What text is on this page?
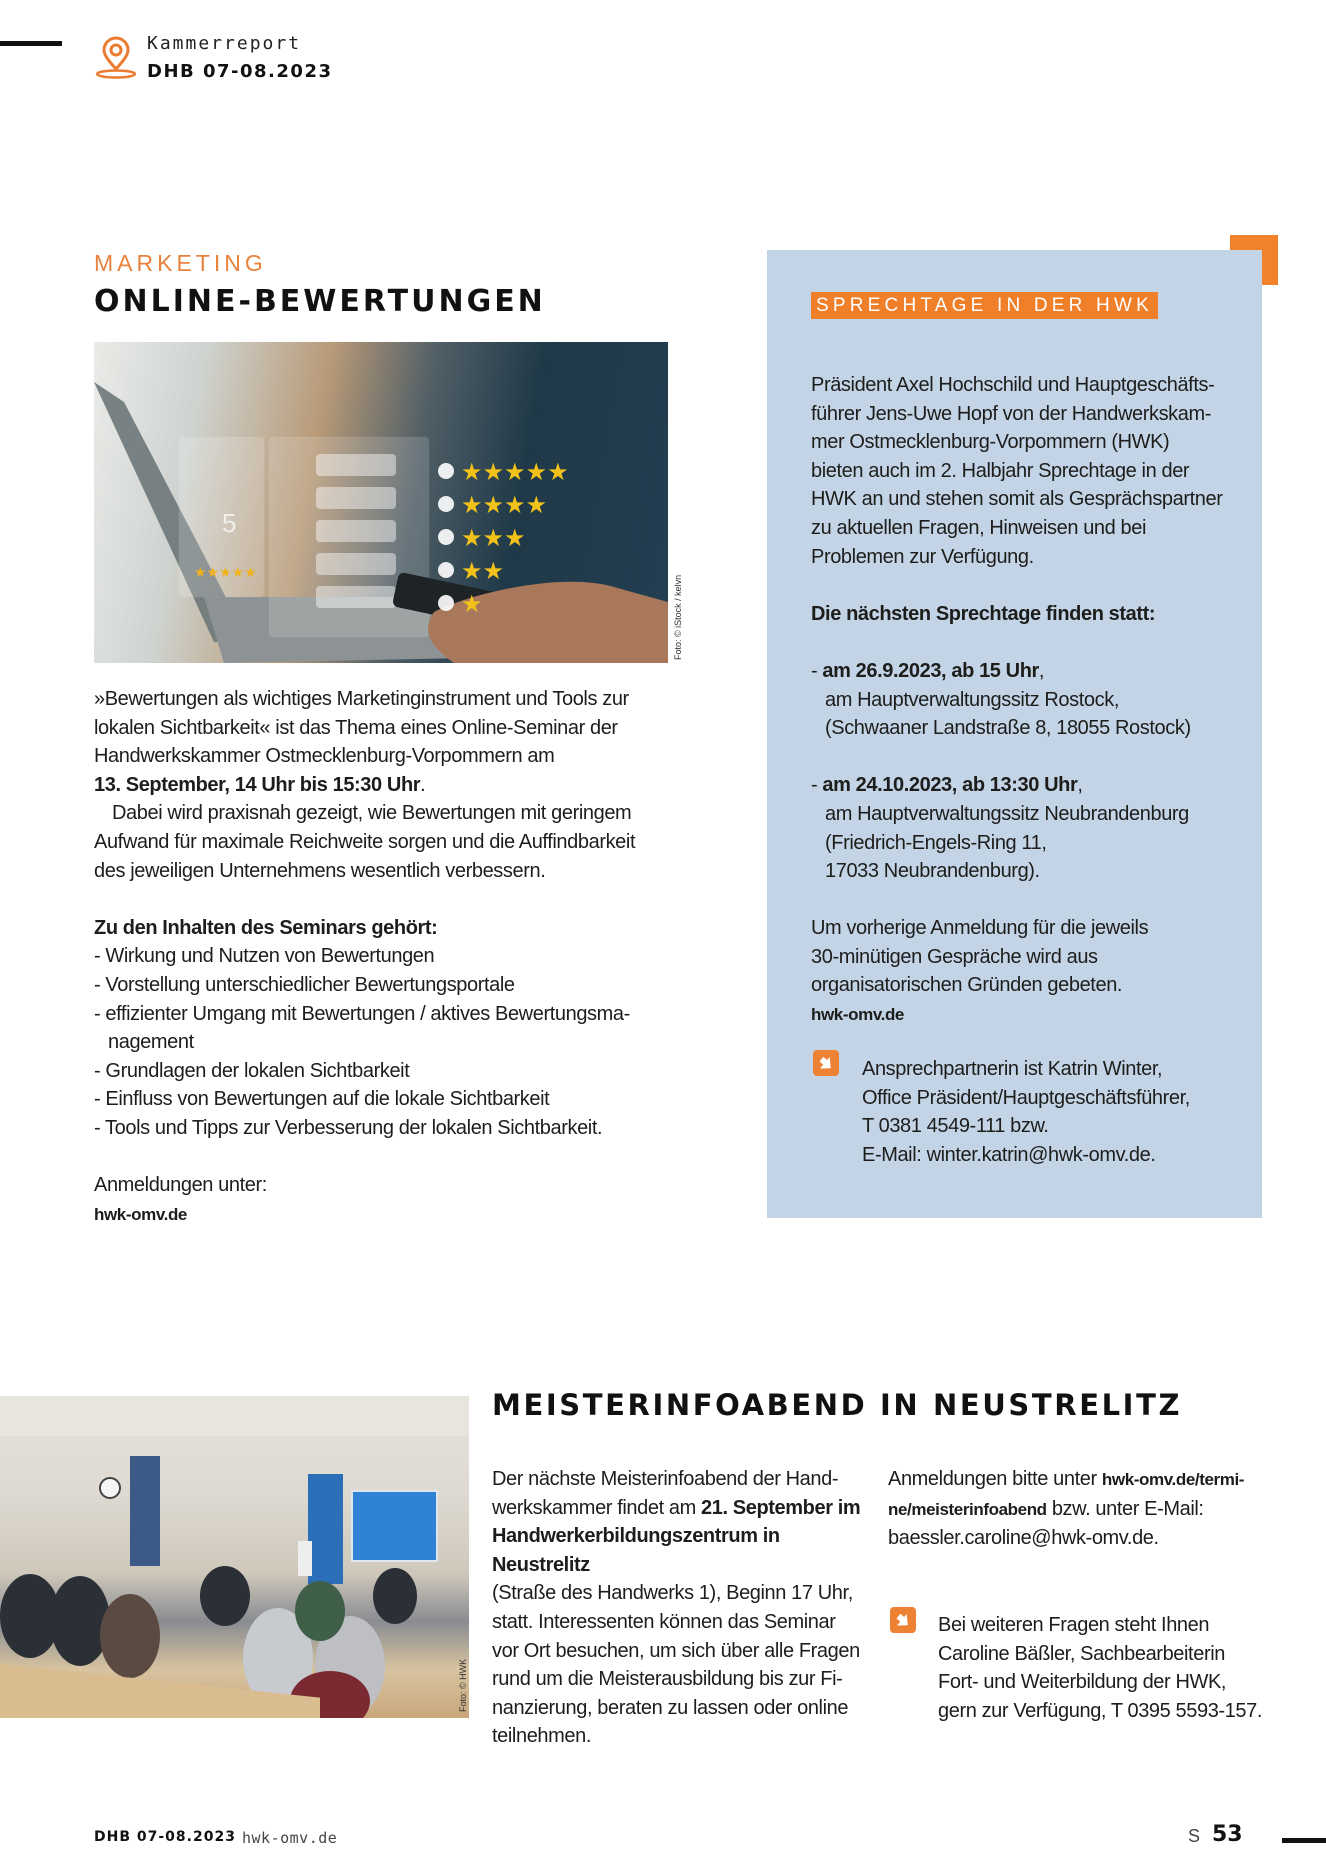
Kammerreport
DHB 07-08.2023
MARKETING
ONLINE-BEWERTUNGEN
5
★★★★★
★★★★
★★★
★★
★
★★★★★
Foto: © iStock / kelvn

»Bewertungen als wichtiges Marketinginstrument und Tools zur
lokalen Sichtbarkeit« ist das Thema eines Online-Seminar der
Handwerkskammer Ostmecklenburg-Vorpommern am
13. September, 14 Uhr bis 15:30 Uhr.

Dabei wird praxisnah gezeigt, wie Bewertungen mit geringem
Aufwand für maximale Reichweite sorgen und die Auffindbarkeit
des jeweiligen Unternehmens wesentlich verbessern.

Zu den Inhalten des Seminars gehört:

- Wirkung und Nutzen von Bewertungen
- Vorstellung unterschiedlicher Bewertungsportale
- effizienter Umgang mit Bewertungen / aktives Bewertungsma-
nagement
- Grundlagen der lokalen Sichtbarkeit
- Einfluss von Bewertungen auf die lokale Sichtbarkeit
- Tools und Tipps zur Verbesserung der lokalen Sichtbarkeit.

Anmeldungen unter:

hwk-omv.de

SPRECHTAGE IN DER HWK
Präsident Axel Hochschild und Hauptgeschäfts-
führer Jens-Uwe Hopf von der Handwerkskam-
mer Ostmecklenburg-Vorpommern (HWK)
bieten auch im 2. Halbjahr Sprechtage in der
HWK an und stehen somit als Gesprächspartner
zu aktuellen Fragen, Hinweisen und bei
Problemen zur Verfügung.
Die nächsten Sprechtage finden statt:
- am 26.9.2023, ab 15 Uhr,
am Hauptverwaltungssitz Rostock,
(Schwaaner Landstraße 8, 18055 Rostock)
- am 24.10.2023, ab 13:30 Uhr,
am Hauptverwaltungssitz Neubrandenburg
(Friedrich-Engels-Ring 11,
17033 Neubrandenburg).
Um vorherige Anmeldung für die jeweils
30-minütigen Gespräche wird aus
organisatorischen Gründen gebeten.
hwk-omv.de
Ansprechpartnerin ist Katrin Winter,
Office Präsident/Hauptgeschäftsführer,
T 0381 4549-111 bzw.
E-Mail: winter.katrin@hwk-omv.de.
Foto: © HWK
MEISTERINFOABEND IN NEUSTRELITZ
Der nächste Meisterinfoabend der Hand-
werkskammer findet am 21. September im
Handwerkerbildungszentrum in Neustrelitz
(Straße des Handwerks 1), Beginn 17 Uhr,
statt. Interessenten können das Seminar
vor Ort besuchen, um sich über alle Fragen
rund um die Meisterausbildung bis zur Fi-
nanzierung, beraten zu lassen oder online
teilnehmen.
Anmeldungen bitte unter hwk-omv.de/termi-
ne/meisterinfoabend bzw. unter E-Mail:
baessler.caroline@hwk-omv.de.
Bei weiteren Fragen steht Ihnen
Caroline Bäßler, Sachbearbeiterin
Fort- und Weiterbildung der HWK,
gern zur Verfügung, T 0395 5593-157.
DHB 07-08.2023 hwk-omv.de	S 53
